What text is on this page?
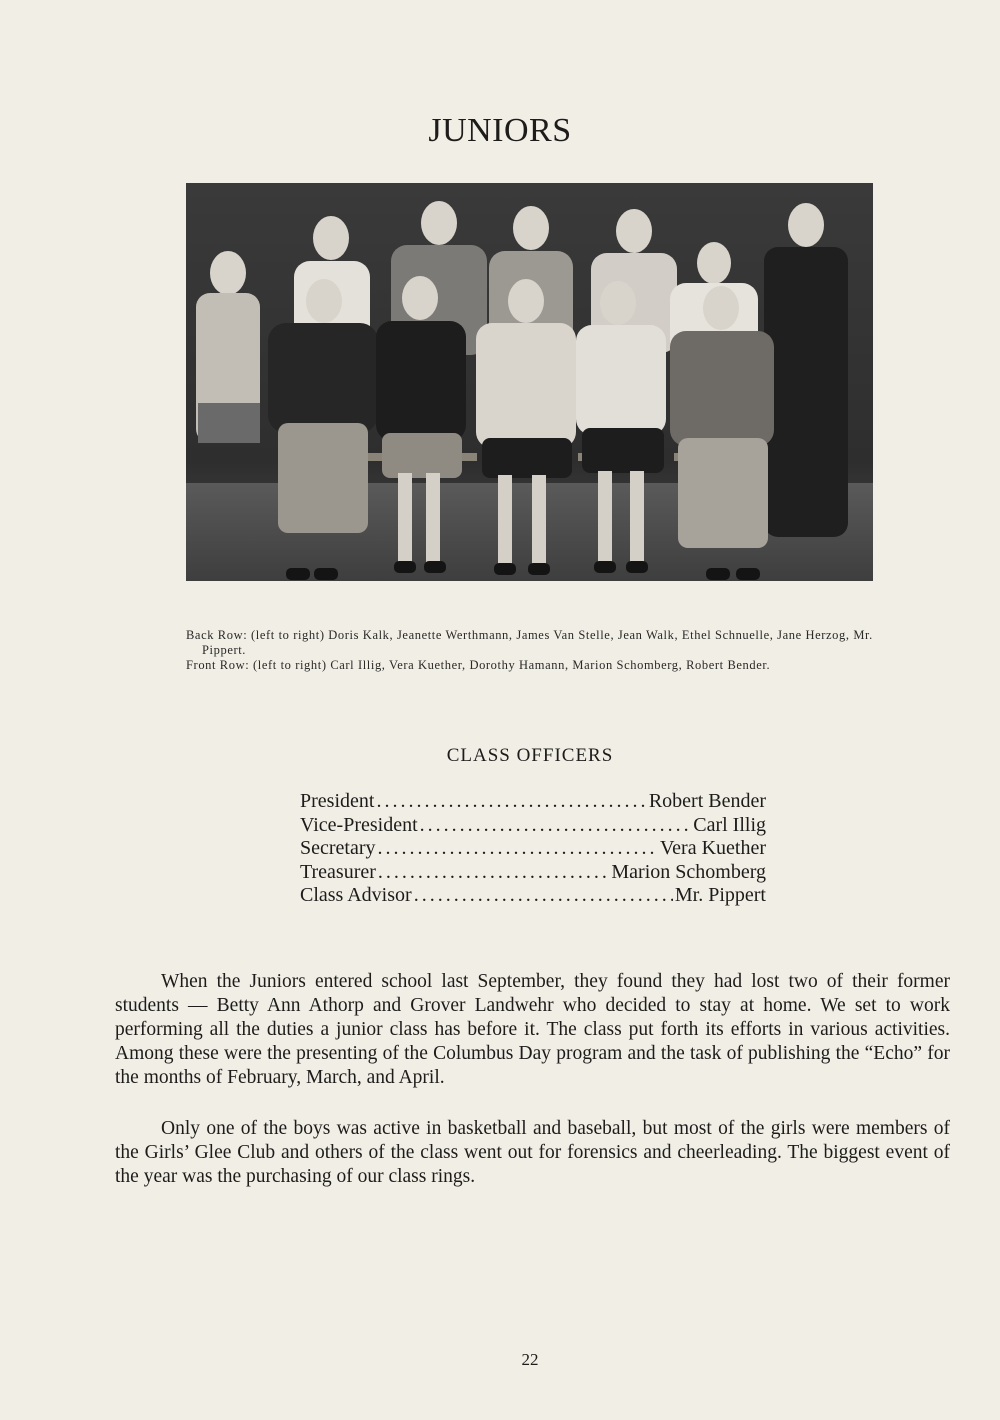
JUNIORS

Back Row: (left to right) Doris Kalk, Jeanette Werthmann, James Van Stelle, Jean Walk, Ethel Schnuelle, Jane Herzog, Mr. Pippert.

Front Row: (left to right) Carl Illig, Vera Kuether, Dorothy Hamann, Marion Schomberg, Robert Bender.

CLASS OFFICERS
President .....	Robert Bender
Vice-President .....	Carl Illig
Secretary .....	Vera Kuether
Treasurer .....	Marion Schomberg
Class Advisor .....	Mr. Pippert

When the Juniors entered school last September, they found they had lost two of their former students — Betty Ann Athorp and Grover Landwehr who decided to stay at home. We set to work performing all the duties a junior class has before it. The class put forth its efforts in various activities. Among these were the presenting of the Columbus Day program and the task of publishing the “Echo” for the months of February, March, and April.

Only one of the boys was active in basketball and baseball, but most of the girls were members of the Girls’ Glee Club and others of the class went out for forensics and cheerleading. The biggest event of the year was the purchasing of our class rings.

22
